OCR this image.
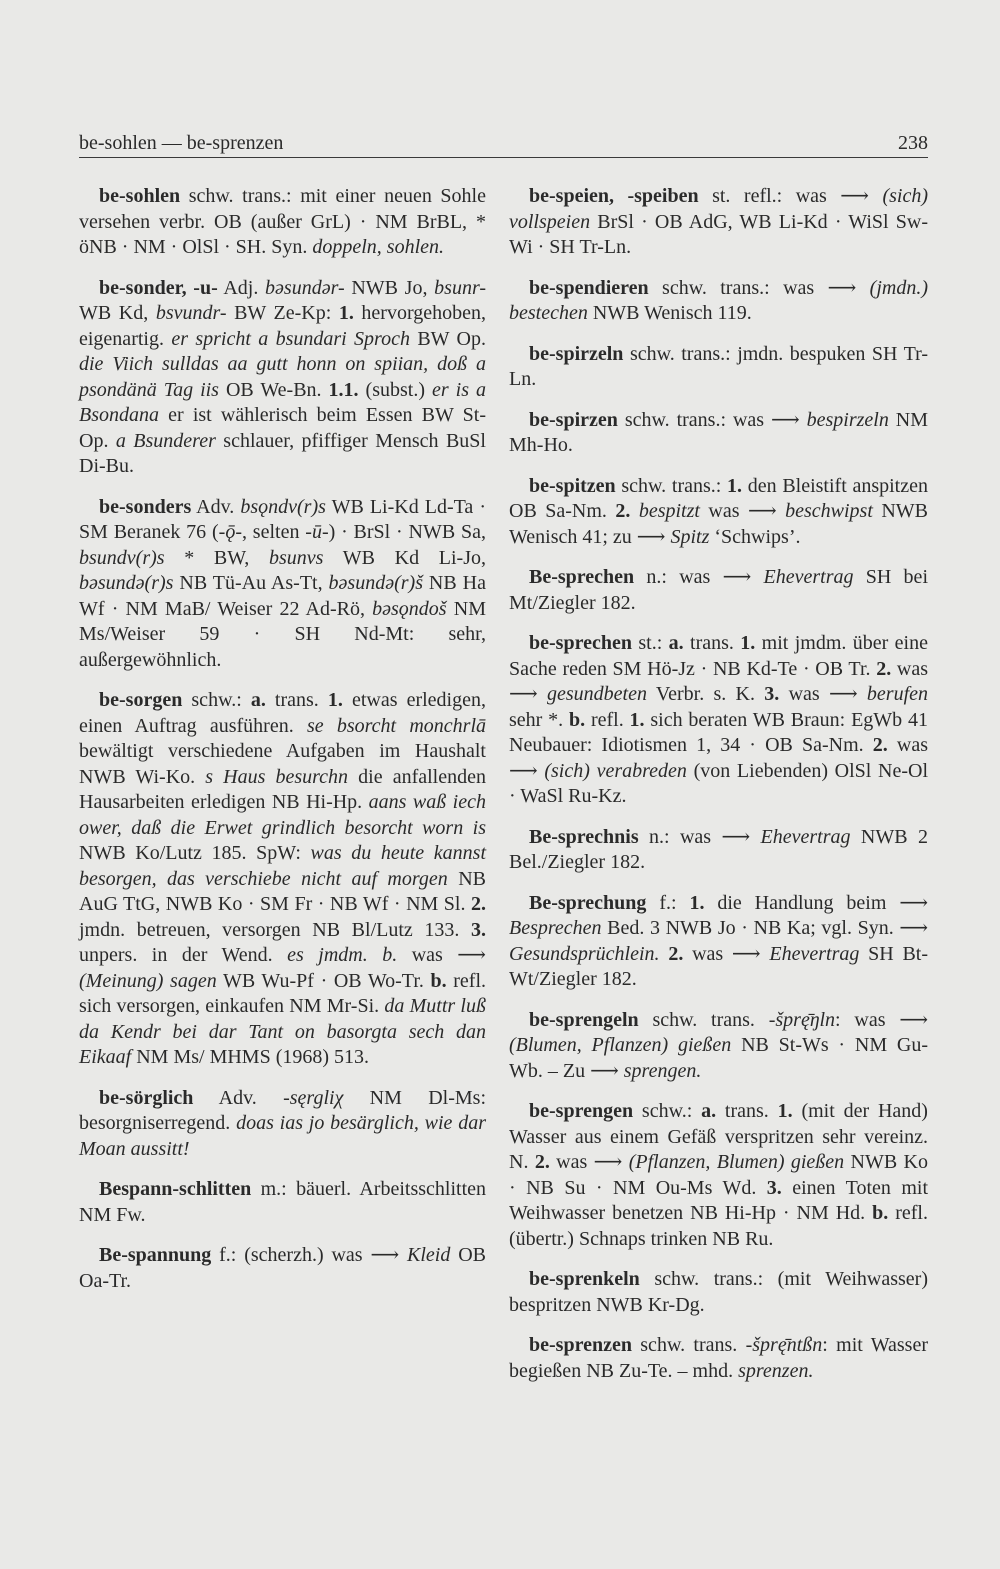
be-sohlen — be-sprenzen	238

be-sohlen schw. trans.: mit einer neuen Sohle versehen verbr. OB (außer GrL) · NM BrBL, * öNB · NM · OlSl · SH. Syn. doppeln, sohlen.

be-sonder, -u- Adj. bəsundər- NWB Jo, bsunr- WB Kd, bsvundr- BW Ze-Kp: 1. hervorgehoben, eigenartig. er spricht a bsundari Sproch BW Op. die Viich sulldas aa gutt honn on spiian, doß a psondänä Tag iis OB We-Bn. 1.1. (subst.) er is a Bsondana er ist wählerisch beim Essen BW St-Op. a Bsunderer schlauer, pfiffiger Mensch BuSl Di-Bu.

be-sonders Adv. bsǫndv(r)s WB Li-Kd Ld-Ta · SM Beranek 76 (-ǭ-, selten -ū-) · BrSl · NWB Sa, bsundv(r)s * BW, bsunvs WB Kd Li-Jo, bəsundə(r)s NB Tü-Au As-Tt, bəsundə(r)š NB Ha Wf · NM MaB/ Weiser 22 Ad-Rö, bəsǫndoš NM Ms/Weiser 59 · SH Nd-Mt: sehr, außergewöhnlich.

be-sorgen schw.: a. trans. 1. etwas erledigen, einen Auftrag ausführen. se bsorcht monchrlā bewältigt verschiedene Aufgaben im Haushalt NWB Wi-Ko. s Haus besurchn die anfallenden Hausarbeiten erledigen NB Hi-Hp. aans waß iech ower, daß die Erwet grindlich besorcht worn is NWB Ko/Lutz 185. SpW: was du heute kannst besorgen, das verschiebe nicht auf morgen NB AuG TtG, NWB Ko · SM Fr · NB Wf · NM Sl. 2. jmdn. betreuen, versorgen NB Bl/Lutz 133. 3. unpers. in der Wend. es jmdm. b. was ⟶ (Meinung) sagen WB Wu-Pf · OB Wo-Tr. b. refl. sich versorgen, einkaufen NM Mr-Si. da Muttr luß da Kendr bei dar Tant on basorgta sech dan Eikaaf NM Ms/ MHMS (1968) 513.

be-sörglich Adv. -sęrgliχ NM Dl-Ms: besorgniserregend. doas ias jo besärglich, wie dar Moan aussitt!

Bespann-schlitten m.: bäuerl. Arbeitsschlitten NM Fw.

Be-spannung f.: (scherzh.) was ⟶ Kleid OB Oa-Tr.

be-speien, -speiben st. refl.: was ⟶ (sich) vollspeien BrSl · OB AdG, WB Li-Kd · WiSl Sw-Wi · SH Tr-Ln.

be-spendieren schw. trans.: was ⟶ (jmdn.) bestechen NWB Wenisch 119.

be-spirzeln schw. trans.: jmdn. bespuken SH Tr-Ln.

be-spirzen schw. trans.: was ⟶ bespirzeln NM Mh-Ho.

be-spitzen schw. trans.: 1. den Bleistift anspitzen OB Sa-Nm. 2. bespitzt was ⟶ beschwipst NWB Wenisch 41; zu ⟶ Spitz ‘Schwips’.

Be-sprechen n.: was ⟶ Ehevertrag SH bei Mt/Ziegler 182.

be-sprechen st.: a. trans. 1. mit jmdm. über eine Sache reden SM Hö-Jz · NB Kd-Te · OB Tr. 2. was ⟶ gesundbeten Verbr. s. K. 3. was ⟶ berufen sehr *. b. refl. 1. sich beraten WB Braun: EgWb 41 Neubauer: Idiotismen 1, 34 · OB Sa-Nm. 2. was ⟶ (sich) verabreden (von Liebenden) OlSl Ne-Ol · WaSl Ru-Kz.

Be-sprechnis n.: was ⟶ Ehevertrag NWB 2 Bel./Ziegler 182.

Be-sprechung f.: 1. die Handlung beim ⟶ Besprechen Bed. 3 NWB Jo · NB Ka; vgl. Syn. ⟶ Gesundsprüchlein. 2. was ⟶ Ehevertrag SH Bt-Wt/Ziegler 182.

be-sprengeln schw. trans. -šprę̄ŋln: was ⟶ (Blumen, Pflanzen) gießen NB St-Ws · NM Gu-Wb. – Zu ⟶ sprengen.

be-sprengen schw.: a. trans. 1. (mit der Hand) Wasser aus einem Gefäß verspritzen sehr vereinz. N. 2. was ⟶ (Pflanzen, Blumen) gießen NWB Ko · NB Su · NM Ou-Ms Wd. 3. einen Toten mit Weihwasser benetzen NB Hi-Hp · NM Hd. b. refl. (übertr.) Schnaps trinken NB Ru.

be-sprenkeln schw. trans.: (mit Weihwasser) bespritzen NWB Kr-Dg.

be-sprenzen schw. trans. -šprę̄ntßn: mit Wasser begießen NB Zu-Te. – mhd. sprenzen.
